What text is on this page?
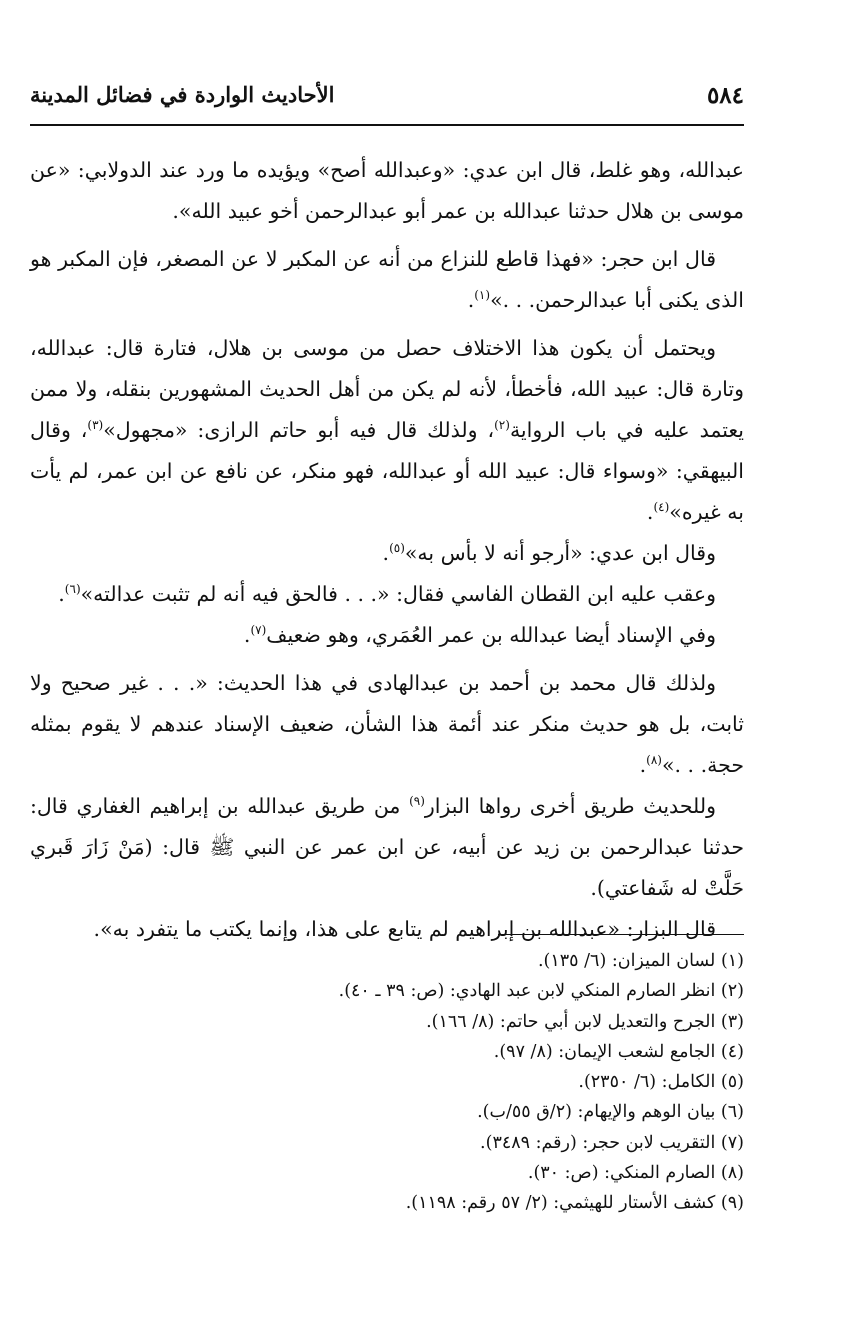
٥٨٤
الأحاديث الواردة في فضائل المدينة

عبدالله، وهو غلط، قال ابن عدي: «وعبدالله أصح» ويؤيده ما ورد عند الدولابي: «عن موسى بن هلال حدثنا عبدالله بن عمر أبو عبدالرحمن أخو عبيد الله».

قال ابن حجر: «فهذا قاطع للنزاع من أنه عن المكبر لا عن المصغر، فإن المكبر هو الذى يكنى أبا عبدالرحمن. . .»$^{(١)}$.

ويحتمل أن يكون هذا الاختلاف حصل من موسى بن هلال، فتارة قال: عبدالله، وتارة قال: عبيد الله، فأخطأ، لأنه لم يكن من أهل الحديث المشهورين بنقله، ولا ممن يعتمد عليه في باب الرواية$^{(٢)}$، ولذلك قال فيه أبو حاتم الرازى: «مجهول»$^{(٣)}$، وقال البيهقي: «وسواء قال: عبيد الله أو عبدالله، فهو منكر، عن نافع عن ابن عمر، لم يأت به غيره»$^{(٤)}$.

وقال ابن عدي: «أرجو أنه لا بأس به»$^{(٥)}$.

وعقب عليه ابن القطان الفاسي فقال: «. . . فالحق فيه أنه لم تثبت عدالته»$^{(٦)}$.

وفي الإسناد أيضا عبدالله بن عمر العُمَري، وهو ضعيف$^{(٧)}$.

ولذلك قال محمد بن أحمد بن عبدالهادى في هذا الحديث: «. . . غير صحيح ولا ثابت، بل هو حديث منكر عند أئمة هذا الشأن، ضعيف الإسناد عندهم لا يقوم بمثله حجة. . .»$^{(٨)}$.

وللحديث طريق أخرى رواها البزار$^{(٩)}$ من طريق عبدالله بن إبراهيم الغفاري قال: حدثنا عبدالرحمن بن زيد عن أبيه، عن ابن عمر عن النبي ﷺ قال: (مَنْ زَارَ قَبري حَلَّتْ له شَفاعتي).

قال البزار: «عبدالله بن إبراهيم لم يتابع على هذا، وإنما يكتب ما يتفرد به».

(١) لسان الميزان: (٦/ ١٣٥).

(٢) انظر الصارم المنكي لابن عبد الهادي: (ص: ٣٩ ـ ٤٠).

(٣) الجرح والتعديل لابن أبي حاتم: (٨/ ١٦٦).

(٤) الجامع لشعب الإيمان: (٨/ ٩٧).

(٥) الكامل: (٦/ ٢٣٥٠).

(٦) بيان الوهم والإيهام: (٢/ق ٥٥/ب).

(٧) التقريب لابن حجر: (رقم: ٣٤٨٩).

(٨) الصارم المنكي: (ص: ٣٠).

(٩) كشف الأستار للهيثمي: (٢/ ٥٧ رقم: ١١٩٨).
